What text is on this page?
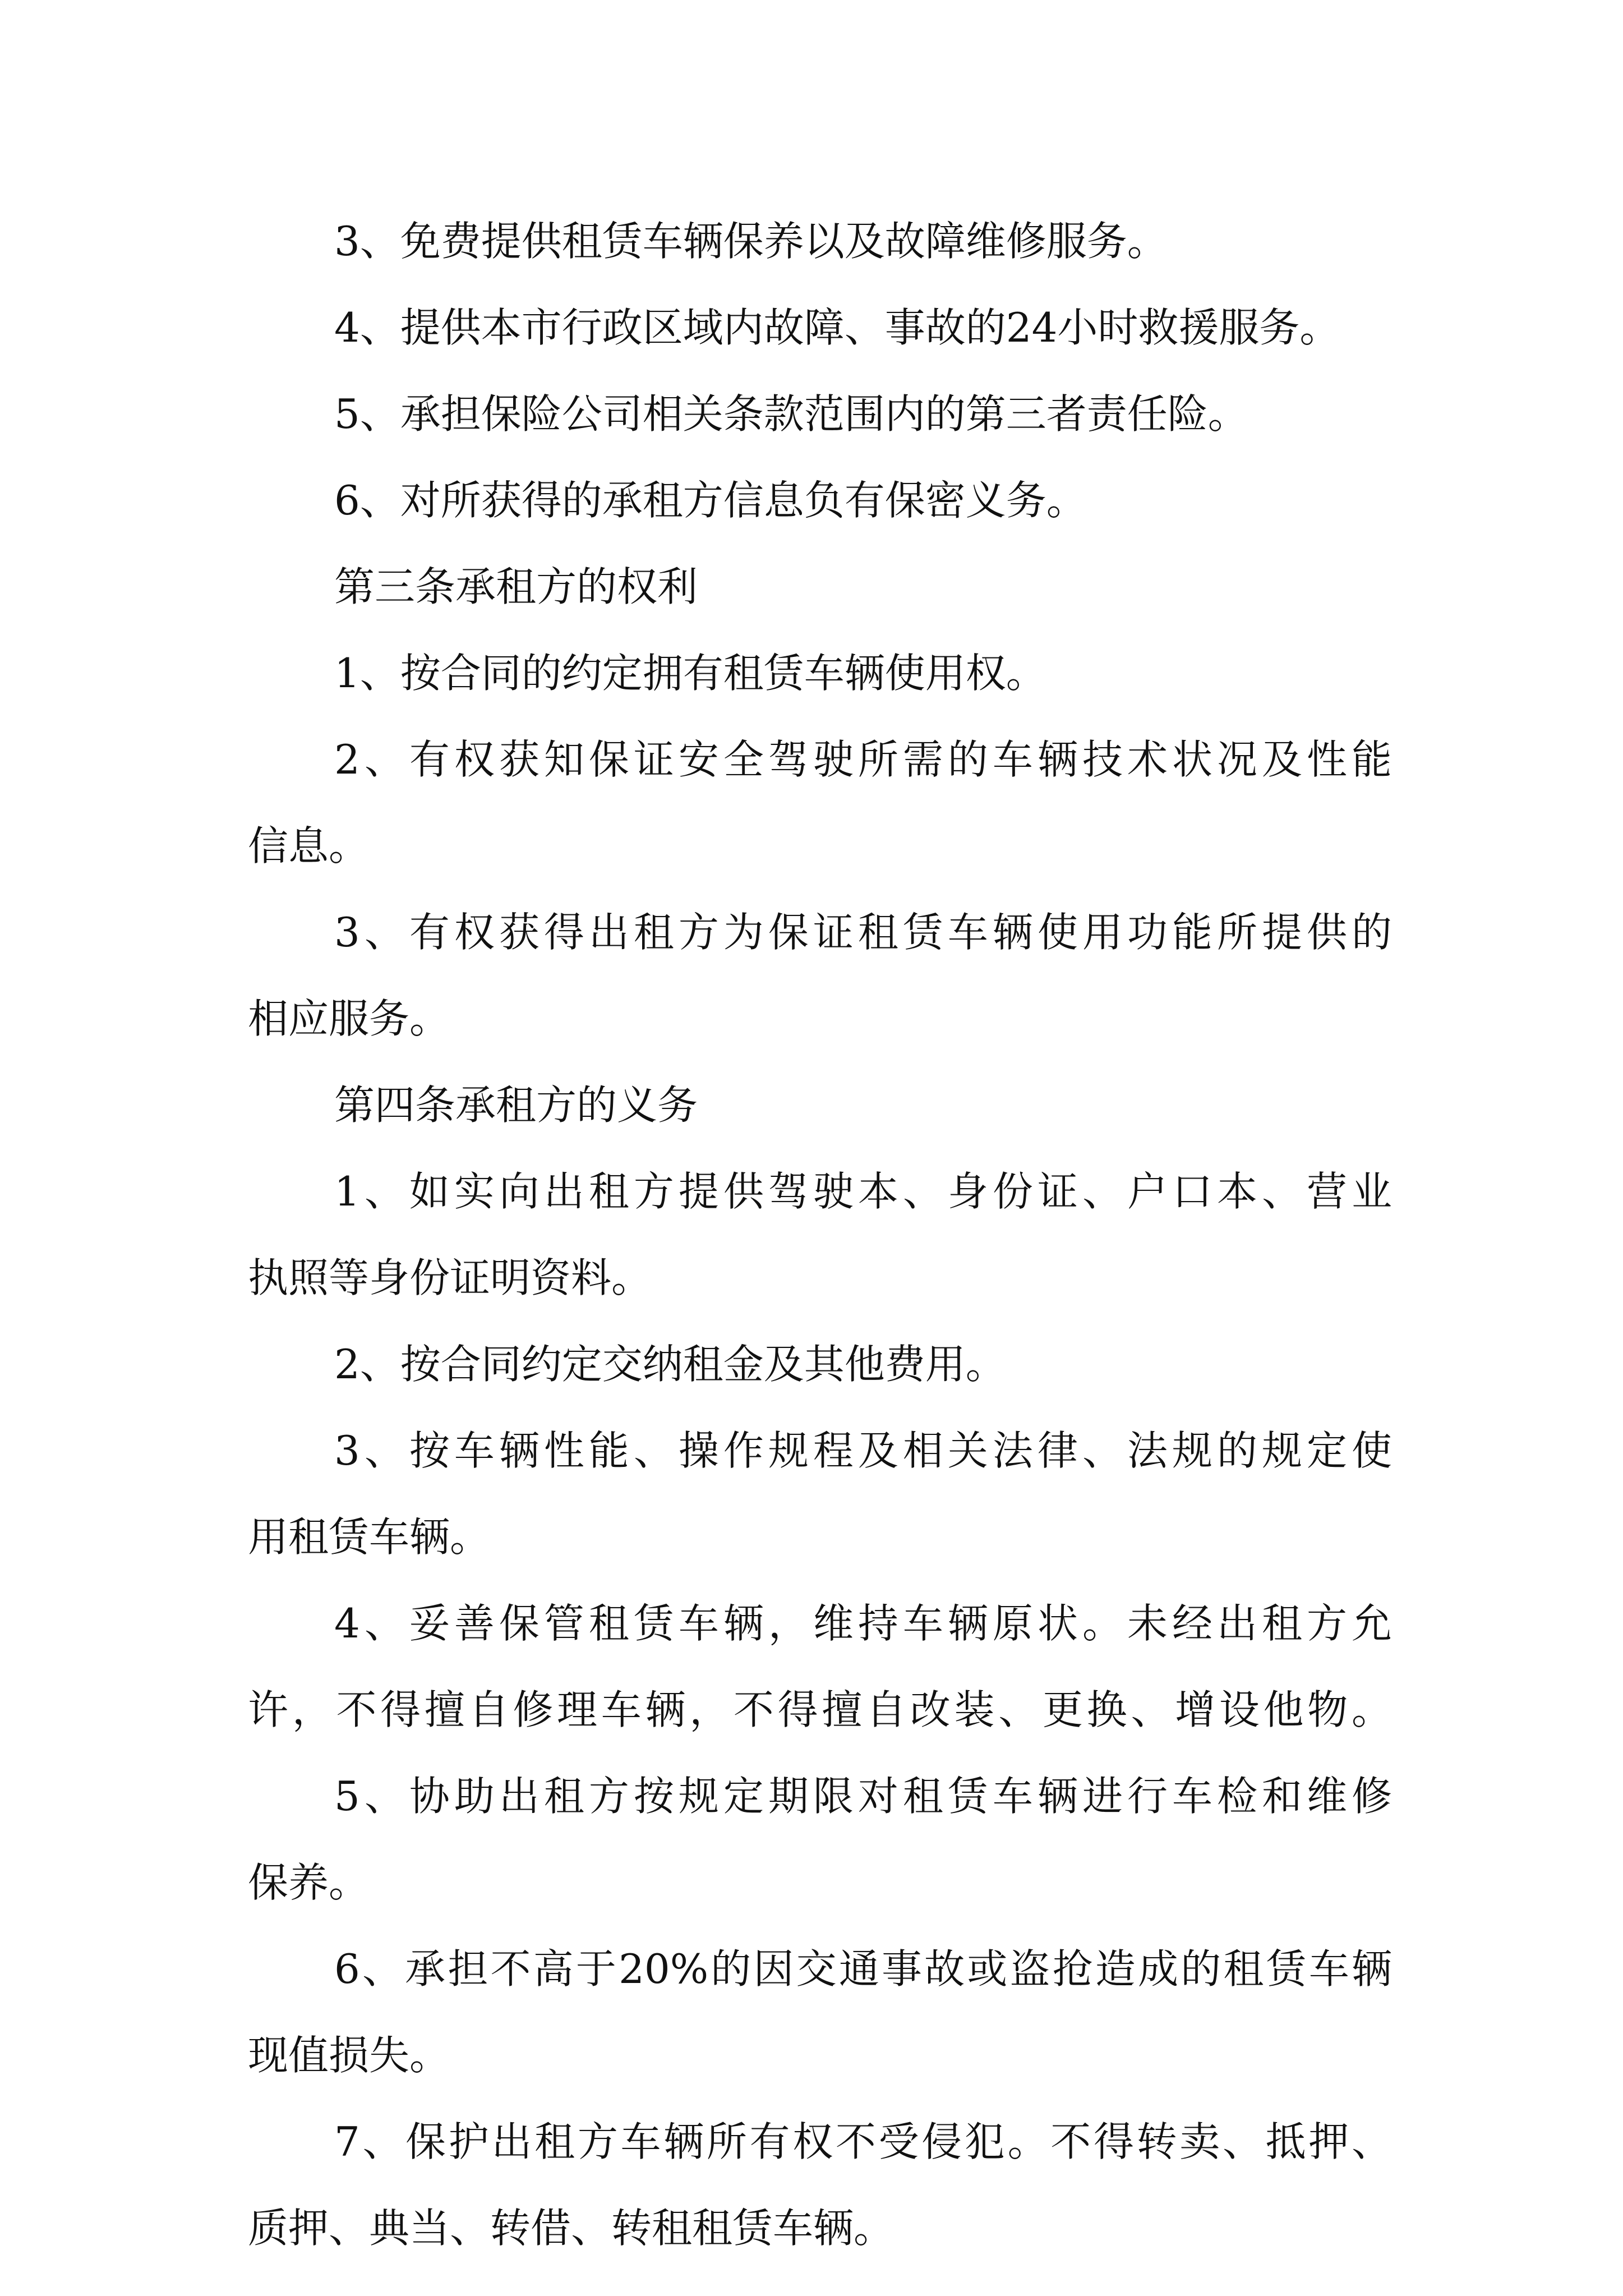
3、免费提供租赁车辆保养以及故障维修服务。
4、提供本市行政区域内故障、事故的24小时救援服务。
5、承担保险公司相关条款范围内的第三者责任险。
6、对所获得的承租方信息负有保密义务。
第三条承租方的权利
1、按合同的约定拥有租赁车辆使用权。
2、有权获知保证安全驾驶所需的车辆技术状况及性能
信息。
3、有权获得出租方为保证租赁车辆使用功能所提供的
相应服务。
第四条承租方的义务
1、如实向出租方提供驾驶本、身份证、户口本、营业
执照等身份证明资料。
2、按合同约定交纳租金及其他费用。
3、按车辆性能、操作规程及相关法律、法规的规定使
用租赁车辆。
4、妥善保管租赁车辆，维持车辆原状。未经出租方允
许，不得擅自修理车辆，不得擅自改装、更换、增设他物。
5、协助出租方按规定期限对租赁车辆进行车检和维修
保养。
6、承担不高于20%的因交通事故或盗抢造成的租赁车辆
现值损失。
7、保护出租方车辆所有权不受侵犯。不得转卖、抵押、
质押、典当、转借、转租租赁车辆。
